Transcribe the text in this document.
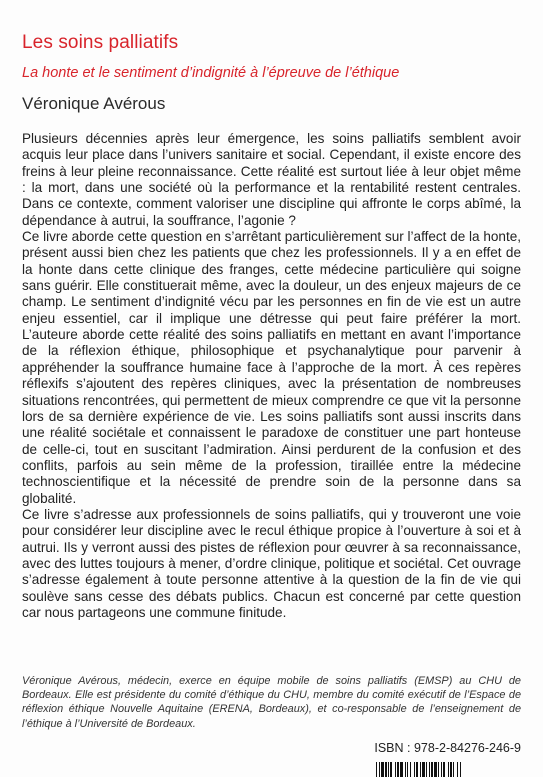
Les soins palliatifs
La honte et le sentiment d’indignité à l’épreuve de l’éthique
Véronique Avérous

Plusieurs décennies après leur émergence, les soins palliatifs semblent avoir acquis leur place dans l’univers sanitaire et social. Cependant, il existe encore des freins à leur pleine reconnaissance. Cette réalité est surtout liée à leur objet même : la mort, dans une société où la performance et la rentabilité restent centrales. Dans ce contexte, comment valoriser une discipline qui affronte le corps abîmé, la dépendance à autrui, la souffrance, l’agonie ?

Ce livre aborde cette question en s’arrêtant particulièrement sur l’affect de la honte, présent aussi bien chez les patients que chez les professionnels. Il y a en effet de la honte dans cette clinique des franges, cette médecine particulière qui soigne sans guérir. Elle constituerait même, avec la douleur, un des enjeux majeurs de ce champ. Le sentiment d’indignité vécu par les personnes en fin de vie est un autre enjeu essentiel, car il implique une détresse qui peut faire préférer la mort. L’auteure aborde cette réalité des soins palliatifs en mettant en avant l’importance de la réflexion éthique, philosophique et psychanalytique pour parvenir à appréhender la souffrance humaine face à l’approche de la mort. À ces repères réflexifs s’ajoutent des repères cliniques, avec la présentation de nombreuses situations rencontrées, qui permettent de mieux comprendre ce que vit la personne lors de sa dernière expérience de vie. Les soins palliatifs sont aussi inscrits dans une réalité sociétale et connaissent le paradoxe de constituer une part honteuse de celle-ci, tout en suscitant l’admiration. Ainsi perdurent de la confusion et des conflits, parfois au sein même de la profession, tiraillée entre la médecine technoscientifique et la nécessité de prendre soin de la personne dans sa globalité.

Ce livre s’adresse aux professionnels de soins palliatifs, qui y trouveront une voie pour considérer leur discipline avec le recul éthique propice à l’ouverture à soi et à autrui. Ils y verront aussi des pistes de réflexion pour œuvrer à sa reconnaissance, avec des luttes toujours à mener, d’ordre clinique, politique et sociétal. Cet ouvrage s’adresse également à toute personne attentive à la question de la fin de vie qui soulève sans cesse des débats publics. Chacun est concerné par cette question car nous partageons une commune finitude.

Véronique Avérous, médecin, exerce en équipe mobile de soins palliatifs (EMSP) au CHU de Bordeaux. Elle est présidente du comité d’éthique du CHU, membre du comité exécutif de l’Espace de réflexion éthique Nouvelle Aquitaine (ERENA, Bordeaux), et co-responsable de l’enseignement de l’éthique à l’Université de Bordeaux.
ISBN : 978-2-84276-246-9
